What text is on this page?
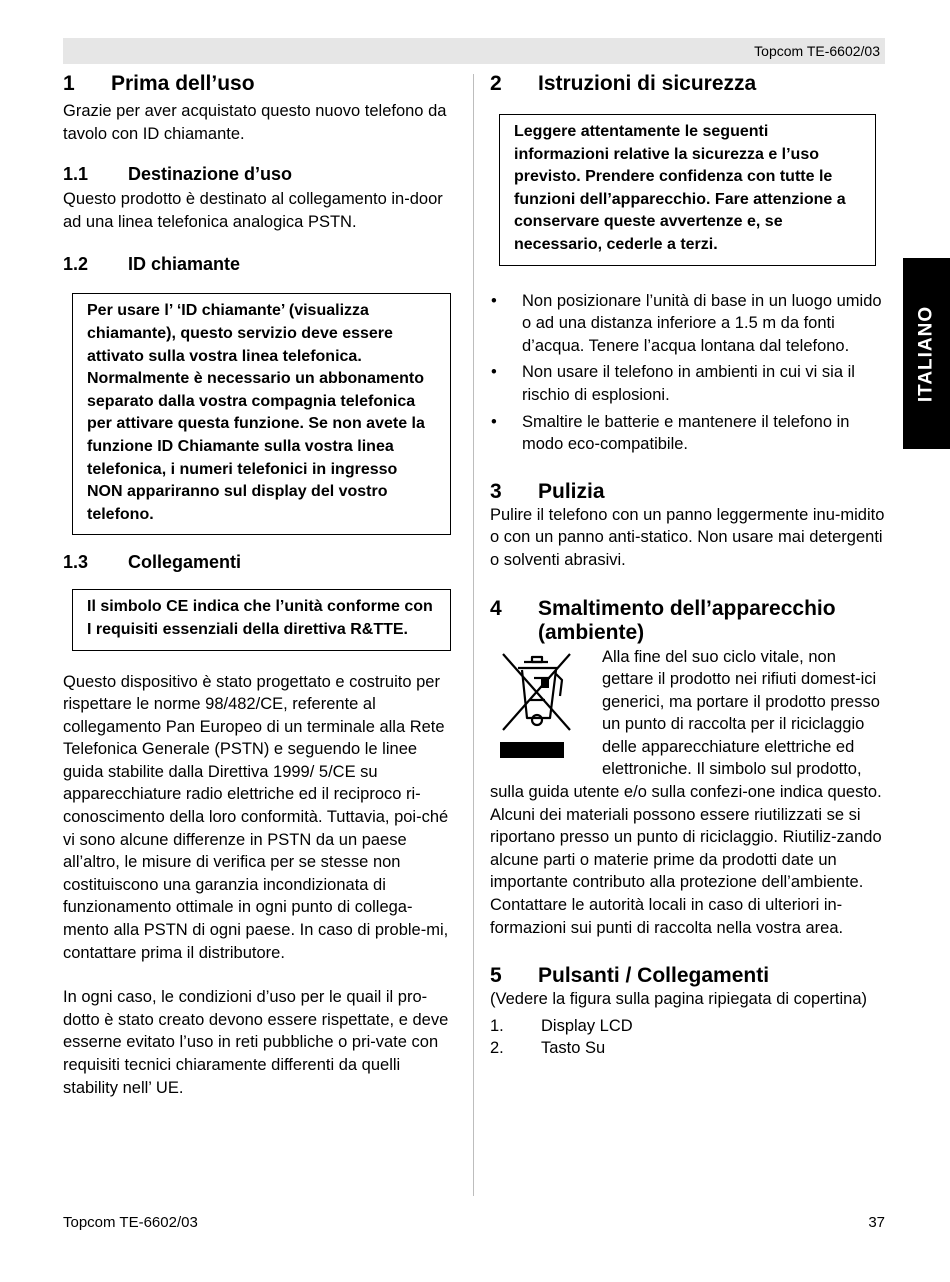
Topcom TE-6602/03
ITALIANO
1 Prima dell’uso

Grazie per aver acquistato questo nuovo telefono da tavolo con ID chiamante.

1.1 Destinazione d’uso

Questo prodotto è destinato al collegamento in-door ad una linea telefonica analogica PSTN.

1.2 ID chiamante
Per usare l’ ‘ID chiamante’ (visualizza chiamante), questo servizio deve essere attivato sulla vostra linea telefonica. Normalmente è necessario un abbonamento separato dalla vostra compagnia telefonica per attivare questa funzione. Se non avete la funzione ID Chiamante sulla vostra linea telefonica, i numeri telefonici in ingresso NON appariranno sul display del vostro telefono.
1.3 Collegamenti
Il simbolo CE indica che l’unità conforme con I requisiti essenziali della direttiva R&TTE.

Questo dispositivo è stato progettato e costruito per rispettare le norme 98/482/CE, referente al collegamento Pan Europeo di un terminale alla Rete Telefonica Generale (PSTN) e seguendo le linee guida stabilite dalla Direttiva 1999/ 5/CE su apparecchiature radio elettriche ed il reciproco ri-conoscimento della loro conformità. Tuttavia, poi-ché vi sono alcune differenze in PSTN da un paese all’altro, le misure di verifica per se stesse non costituiscono una garanzia incondizionata di funzionamento ottimale in ogni punto di collega-mento alla PSTN di ogni paese. In caso di proble-mi, contattare prima il distributore.

In ogni caso, le condizioni d’uso per le quail il pro-dotto è stato creato devono essere rispettate, e deve esserne evitato l’uso in reti pubbliche o pri-vate con requisiti tecnici chiaramente differenti da quelli stability nell’ UE.

2 Istruzioni di sicurezza
Leggere attentamente le seguenti informazioni relative la sicurezza e l’uso previsto. Prendere confidenza con tutte le funzioni dell’apparecchio. Fare attenzione a conservare queste avvertenze e, se necessario, cederle a terzi.
• Non posizionare l’unità di base in un luogo umido o ad una distanza inferiore a 1.5 m da fonti d’acqua. Tenere l’acqua lontana dal telefono.
• Non usare il telefono in ambienti in cui vi sia il rischio di esplosioni.
• Smaltire le batterie e mantenere il telefono in modo eco-compatibile.
3 Pulizia

Pulire il telefono con un panno leggermente inu-midito o con un panno anti-statico. Non usare mai detergenti o solventi abrasivi.

4	Smaltimento dell’apparecchio (ambiente)

Alla fine del suo ciclo vitale, non gettare il prodotto nei rifiuti domest-ici generici, ma portare il prodotto presso un punto di raccolta per il riciclaggio delle apparecchiature elettriche ed elettroniche. Il simbolo sul prodotto, sulla guida utente e/o sulla confezi-one indica questo.

Alcuni dei materiali possono essere riutilizzati se si riportano presso un punto di riciclaggio. Riutiliz-zando alcune parti o materie prime da prodotti date un importante contributo alla protezione dell’ambiente.

Contattare le autorità locali in caso di ulteriori in-formazioni sui punti di raccolta nella vostra area.

5 Pulsanti / Collegamenti

(Vedere la figura sulla pagina ripiegata di copertina)

1.	Display LCD
2.	Tasto Su
Topcom TE-6602/03	37
